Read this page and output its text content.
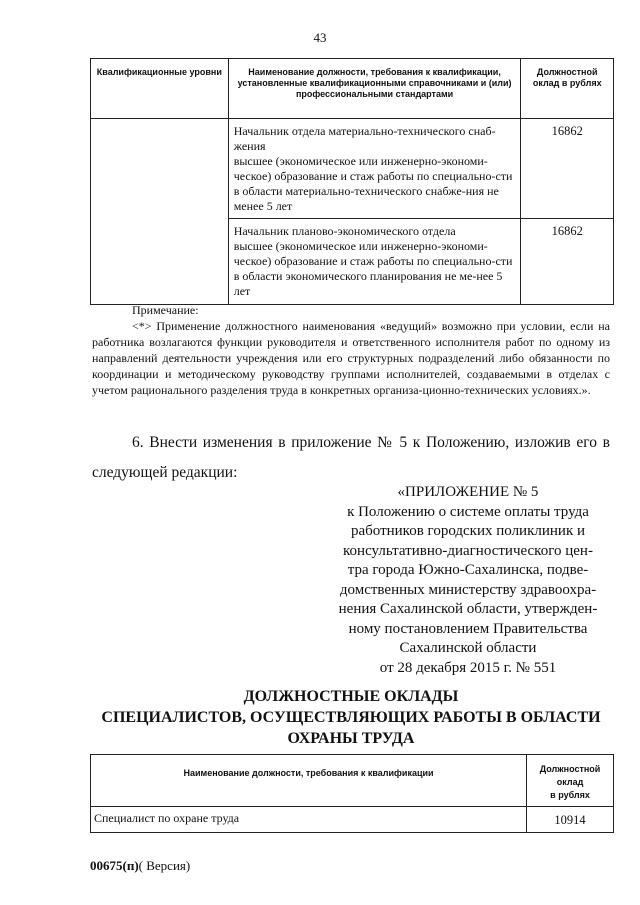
43
Квалификационные уровни	Наименование должности, требования к квалификации, установленные квалификационными справочниками и (или) профессиональными стандартами	Должностной оклад в рублях

	Начальник отдела материально-технического снаб-жения
высшее (экономическое или инженерно-экономи-ческое) образование и стаж работы по специально-сти в области материально-технического снабже-ния не менее 5 лет	16862

	Начальник планово-экономического отдела
высшее (экономическое или инженерно-экономи-ческое) образование и стаж работы по специально-сти в области экономического планирования не ме-нее 5 лет	16862

Примечание:

<*> Применение должностного наименования «ведущий» возможно при условии, если на работника возлагаются функции руководителя и ответственного исполнителя работ по одному из направлений деятельности учреждения или его структурных подразделений либо обязанности по координации и методическому руководству группами исполнителей, создаваемыми в отделах с учетом рационального разделения труда в конкретных организа-ционно-технических условиях.».

6. Внести изменения в приложение № 5 к Положению, изложив его в следующей редакции:
«ПРИЛОЖЕНИЕ № 5
к Положению о системе оплаты труда
работников городских поликлиник и
консультативно-диагностического цен-
тра города Южно-Сахалинска, подве-
домственных министерству здравоохра-
нения Сахалинской области, утвержден-
ному постановлением Правительства
Сахалинской области
от 28 декабря 2015 г. № 551
ДОЛЖНОСТНЫЕ ОКЛАДЫ
СПЕЦИАЛИСТОВ, ОСУЩЕСТВЛЯЮЩИХ РАБОТЫ В ОБЛАСТИ
ОХРАНЫ ТРУДА
Наименование должности, требования к квалификации	Должностной
оклад
в рублях

Специалист по охране труда	10914
00675(п)( Версия)
